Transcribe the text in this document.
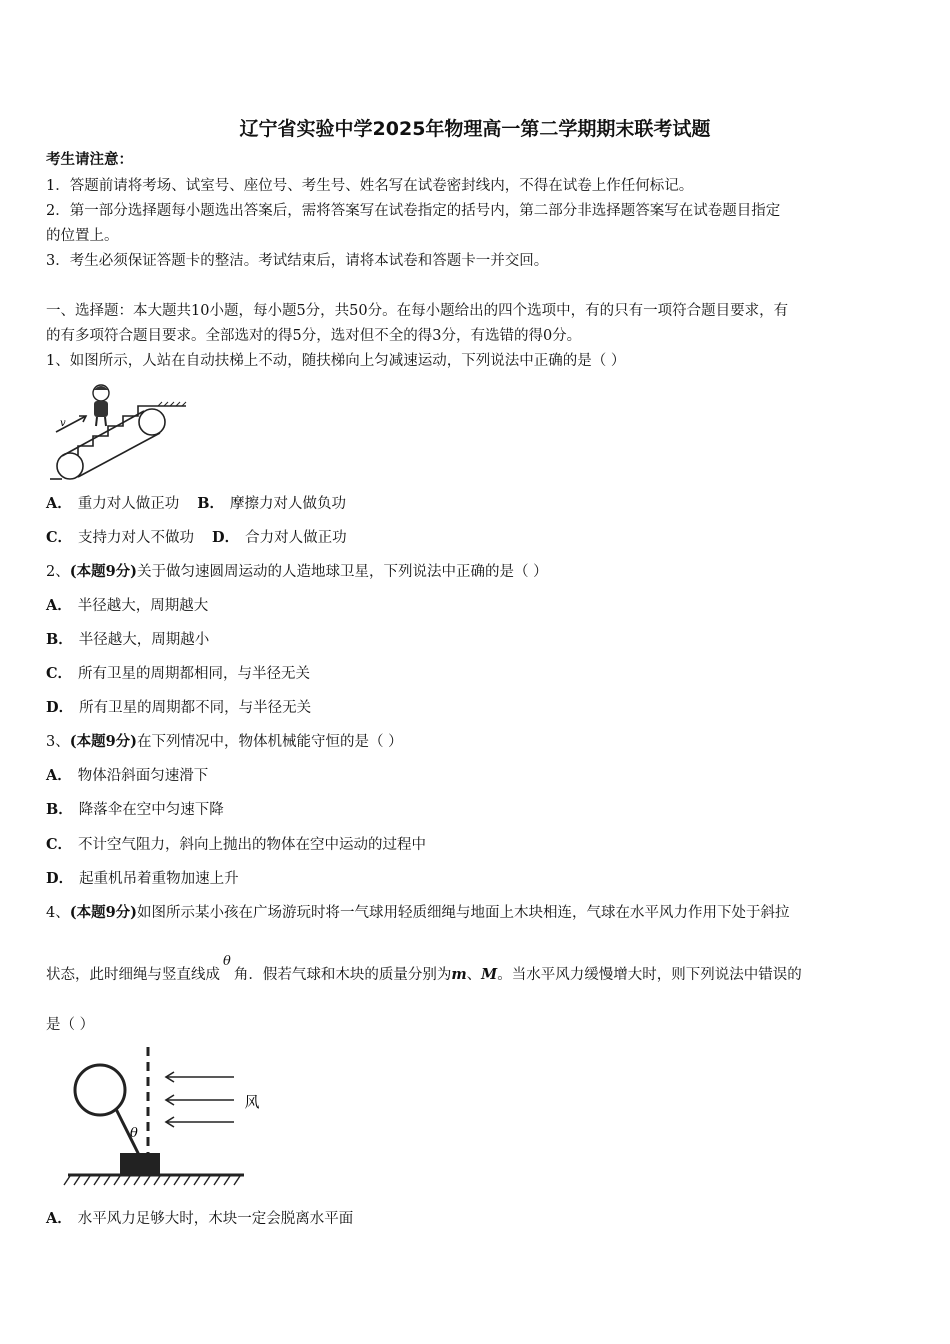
辽宁省实验中学2025年物理高一第二学期期末联考试题
考生请注意：
1．答题前请将考场、试室号、座位号、考生号、姓名写在试卷密封线内，不得在试卷上作任何标记。
2．第一部分选择题每小题选出答案后，需将答案写在试卷指定的括号内，第二部分非选择题答案写在试卷题目指定
的位置上。
3．考生必须保证答题卡的整洁。考试结束后，请将本试卷和答题卡一并交回。
一、选择题：本大题共10小题，每小题5分，共50分。在每小题给出的四个选项中，有的只有一项符合题目要求，有
的有多项符合题目要求。全部选对的得5分，选对但不全的得3分，有选错的得0分。
1、如图所示，人站在自动扶梯上不动，随扶梯向上匀减速运动，下列说法中正确的是（ ）
v
A． 重力对人做正功 B． 摩擦力对人做负功
C． 支持力对人不做功 D． 合力对人做正功
2、(本题9分)关于做匀速圆周运动的人造地球卫星，下列说法中正确的是（ ）
A． 半径越大，周期越大
B． 半径越大，周期越小
C． 所有卫星的周期都相同，与半径无关
D． 所有卫星的周期都不同，与半径无关
3、(本题9分)在下列情况中，物体机械能守恒的是（ ）
A． 物体沿斜面匀速滑下
B． 降落伞在空中匀速下降
C． 不计空气阻力，斜向上抛出的物体在空中运动的过程中
D． 起重机吊着重物加速上升
4、(本题9分)如图所示某小孩在广场游玩时将一气球用轻质细绳与地面上木块相连，气球在水平风力作用下处于斜拉
状态，此时细绳与竖直线成θ角．假若气球和木块的质量分别为m、M。当水平风力缓慢增大时，则下列说法中错误的
是（ ）
风
θ
A． 水平风力足够大时，木块一定会脱离水平面
